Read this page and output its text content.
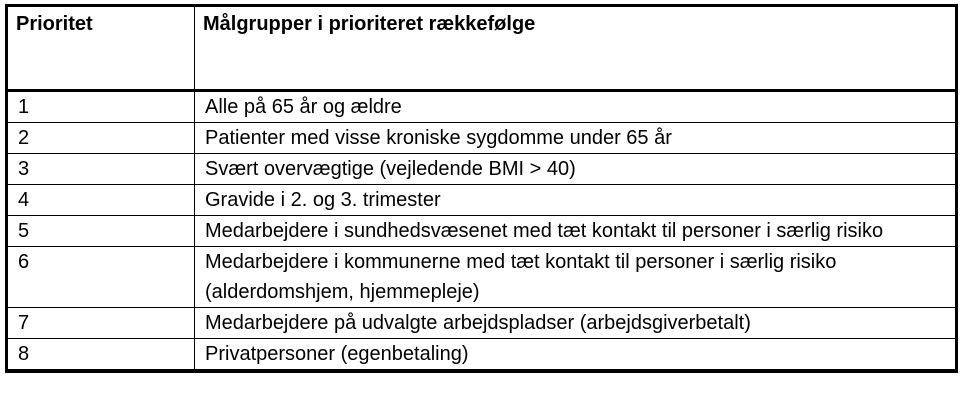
Prioritet	Målgrupper i prioriteret rækkefølge
1	Alle på 65 år og ældre
2	Patienter med visse kroniske sygdomme under 65 år
3	Svært overvægtige (vejledende BMI > 40)
4	Gravide i 2. og 3. trimester
5	Medarbejdere i sundhedsvæsenet med tæt kontakt til personer i særlig risiko
6	Medarbejdere i kommunerne med tæt kontakt til personer i særlig risiko (alderdomshjem, hjemmepleje)
7	Medarbejdere på udvalgte arbejdspladser (arbejdsgiverbetalt)
8	Privatpersoner (egenbetaling)
